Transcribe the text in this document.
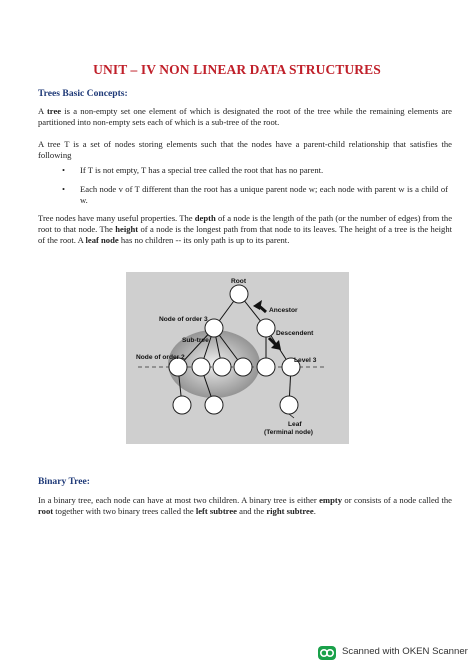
UNIT – IV NON LINEAR DATA STRUCTURES
Trees Basic Concepts:
A tree is a non-empty set one element of which is designated the root of the tree while the remaining elements are partitioned into non-empty sets each of which is a sub-tree of the root.
A tree T is a set of nodes storing elements such that the nodes have a parent-child relationship that satisfies the following
• If T is not empty, T has a special tree called the root that has no parent.
• Each node v of T different than the root has a unique parent node w; each node with parent w is a child of w.
Tree nodes have many useful properties. The depth of a node is the length of the path (or the number of edges) from the root to that node. The height of a node is the longest path from that node to its leaves. The height of a tree is the height of the root. A leaf node has no children -- its only path is up to its parent.
Root
Ancestor
Node of order 3
Sub-tree
Descendent
Node of order 2	Level 3
Leaf
(Terminal node)
Binary Tree:
In a binary tree, each node can have at most two children. A binary tree is either empty or consists of a node called the root together with two binary trees called the left subtree and the right subtree.
Scanned with OKEN Scanner
